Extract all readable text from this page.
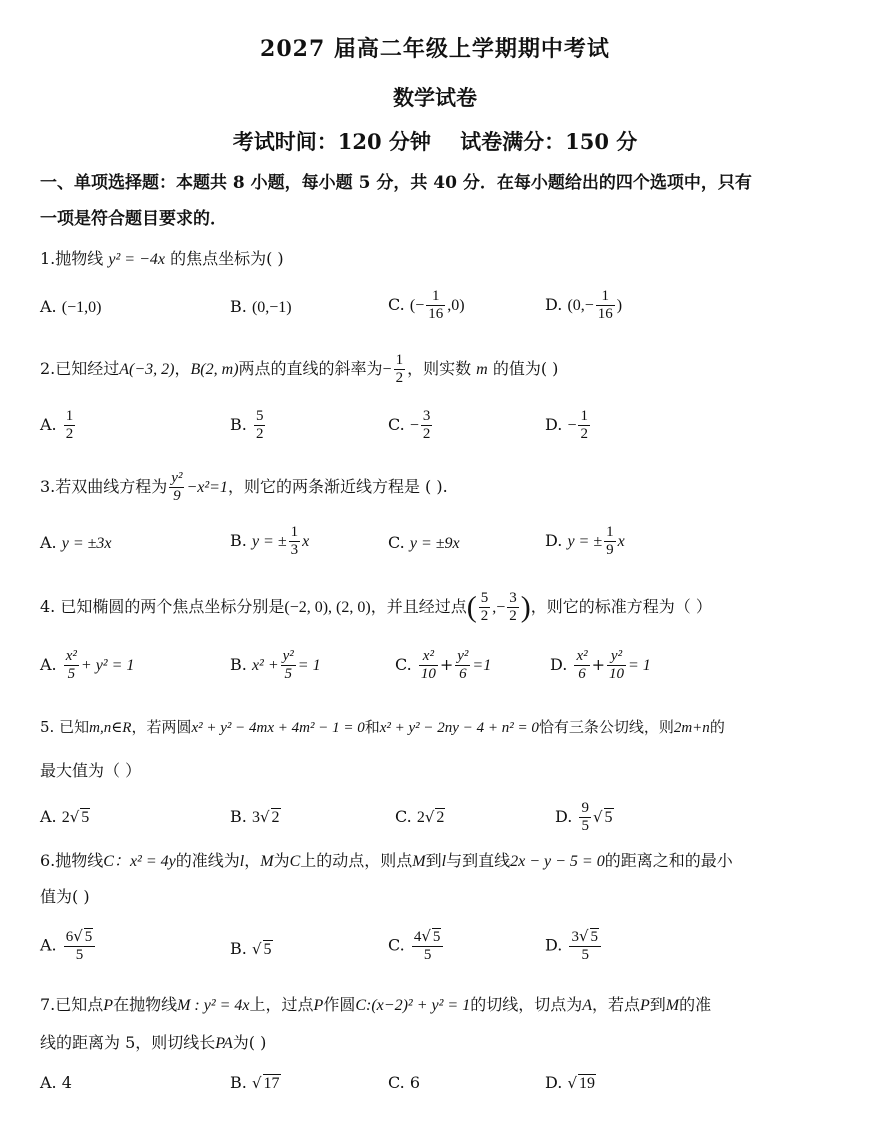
2027 届高二年级上学期期中考试
数学试卷
考试时间：120 分钟    试卷满分：150 分
一、单项选择题：本题共 8 小题，每小题 5 分，共 40 分．在每小题给出的四个选项中，只有
一项是符合题目要求的．
1.抛物线 y² = −4x 的焦点坐标为( )
A. (−1,0)	B. (0,−1)	C. (− $\frac{1}{16} ,0$)	D. ($0,- \frac{1}{16}$ )
2.已知经过A(−3, 2)，B(2, m)两点的直线的斜率为− $\frac{1}{2}$ ，则实数 m 的值为( )
A. $\frac{1}{2}$	B. $\frac{5}{2}$	C. − $\frac{3}{2}$	D. − $\frac{1}{2}$
3.若双曲线方程为 $\frac{\text{y²}}{9} -x^2=1$，则它的两条渐近线方程是 ( ).
A. y = ±3x	B. y = ± $\frac{1}{3}$ x	C. y = ±9x	D. y = ± $\frac{1}{9}$ x
4. 已知椭圆的两个焦点坐标分别是(−2, 0), (2, 0)，并且经过点( $\frac{5}{2}$ ,− $\frac{3}{2}$ )，则它的标准方程为（ ）
A. $\frac{\text{x²}}{5} + y^2 = 1$	B. $x^2 + \frac{\text{y²}}{5} = 1$	C. $\frac{\text{x²}}{10} + \frac{\text{y²}}{6} =1$	D. $\frac{\text{x²}}{6} + \frac{\text{y²}}{10} = 1$
5. 已知m,n∈R，若两圆x² + y² − 4mx + 4m² − 1 = 0和x² + y² − 2ny − 4 + n² = 0恰有三条公切线，则2m+n的
最大值为（ ）
A. 2√ 5	B. 3√ 2	C. 2√ 2	D. $\frac{9}{5}$ √ 5
6.抛物线C：x² = 4y的准线为l，M为C上的动点，则点M到l与到直线2x − y − 5 = 0的距离之和的最小
值为( )
A. $\frac{6√ 5}{5}$	B. √ 5	C. $\frac{4√ 5}{5}$	D. $\frac{3√ 5}{5}$
7.已知点P在抛物线M : y² = 4x上，过点P作圆C:(x−2)² + y² = 1的切线，切点为A，若点P到M的准
线的距离为 5，则切线长PA为( )
A. 4	B. √ 17	C. 6	D. √ 19
